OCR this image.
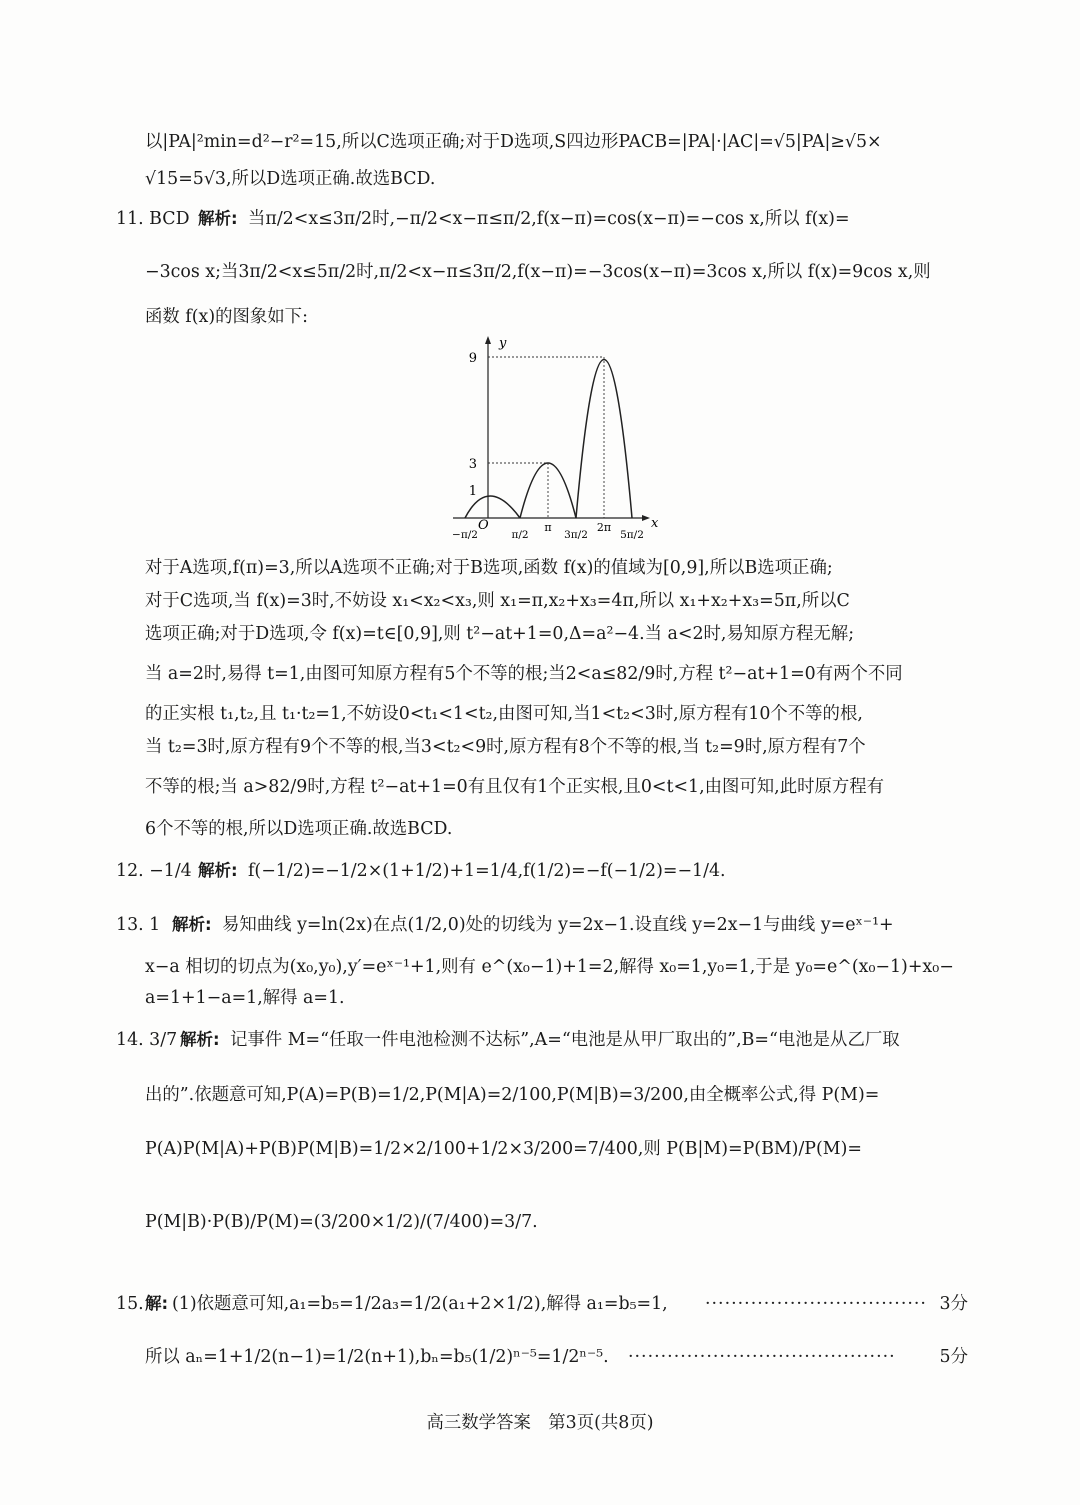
以|PA|²min=d²−r²=15,所以C选项正确;对于D选项,S四边形PACB=|PA|·|AC|=√5|PA|≥√5×
√15=5√3,所以D选项正确.故选BCD.
11. BCD 解析: 当π/2<x≤3π/2时,−π/2<x−π≤π/2,f(x−π)=cos(x−π)=−cos x,所以 f(x)=
−3cos x;当3π/2<x≤5π/2时,π/2<x−π≤3π/2,f(x−π)=−3cos(x−π)=3cos x,所以 f(x)=9cos x,则
函数 f(x)的图象如下:
y
9
3
1
O	x
−π/2	π/2
π
3π/2
2π
5π/2
对于A选项,f(π)=3,所以A选项不正确;对于B选项,函数 f(x)的值域为[0,9],所以B选项正确;
对于C选项,当 f(x)=3时,不妨设 x₁<x₂<x₃,则 x₁=π,x₂+x₃=4π,所以 x₁+x₂+x₃=5π,所以C
选项正确;对于D选项,令 f(x)=t∈[0,9],则 t²−at+1=0,Δ=a²−4.当 a<2时,易知原方程无解;
当 a=2时,易得 t=1,由图可知原方程有5个不等的根;当2<a≤82/9时,方程 t²−at+1=0有两个不同
的正实根 t₁,t₂,且 t₁·t₂=1,不妨设0<t₁<1<t₂,由图可知,当1<t₂<3时,原方程有10个不等的根,
当 t₂=3时,原方程有9个不等的根,当3<t₂<9时,原方程有8个不等的根,当 t₂=9时,原方程有7个
不等的根;当 a>82/9时,方程 t²−at+1=0有且仅有1个正实根,且0<t<1,由图可知,此时原方程有
6个不等的根,所以D选项正确.故选BCD.
12. −1/4 解析: f(−1/2)=−1/2×(1+1/2)+1=1/4,f(1/2)=−f(−1/2)=−1/4.
13. 1 解析: 易知曲线 y=ln(2x)在点(1/2,0)处的切线为 y=2x−1.设直线 y=2x−1与曲线 y=eˣ⁻¹+
x−a 相切的切点为(x₀,y₀),y′=eˣ⁻¹+1,则有 e^(x₀−1)+1=2,解得 x₀=1,y₀=1,于是 y₀=e^(x₀−1)+x₀−
a=1+1−a=1,解得 a=1.
14. 3/7 解析: 记事件 M=“任取一件电池检测不达标”,A=“电池是从甲厂取出的”,B=“电池是从乙厂取
出的”.依题意可知,P(A)=P(B)=1/2,P(M|A)=2/100,P(M|B)=3/200,由全概率公式,得 P(M)=
P(A)P(M|A)+P(B)P(M|B)=1/2×2/100+1/2×3/200=7/400,则 P(B|M)=P(BM)/P(M)=
P(M|B)·P(B)/P(M)=(3/200×1/2)/(7/400)=3/7.
15. 解: (1)依题意可知,a₁=b₅=1/2a₃=1/2(a₁+2×1/2),解得 a₁=b₅=1,	·································· 3分
所以 aₙ=1+1/2(n−1)=1/2(n+1),bₙ=b₅(1/2)ⁿ⁻⁵=1/2ⁿ⁻⁵.	·········································	5分
高三数学答案　第3页(共8页)
